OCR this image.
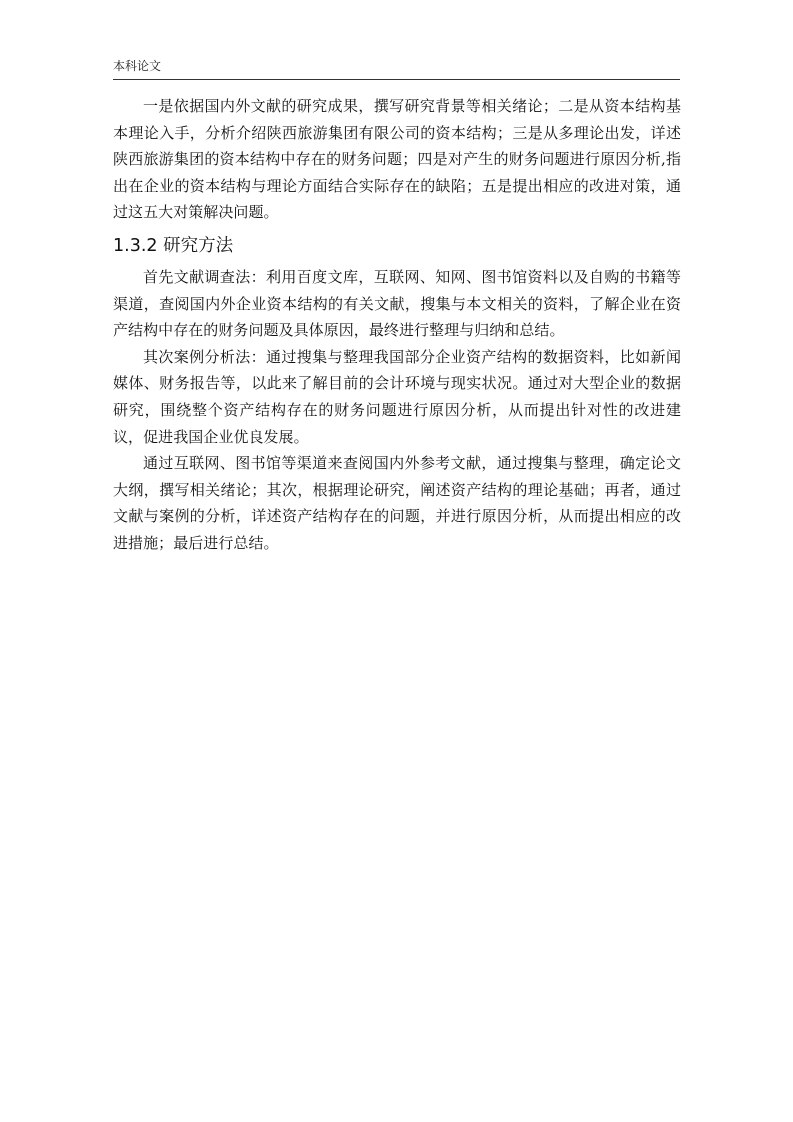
本科论文

一是依据国内外文献的研究成果，撰写研究背景等相关绪论；二是从资本结构基本理论入手，分析介绍陕西旅游集团有限公司的资本结构；三是从多理论出发，详述陕西旅游集团的资本结构中存在的财务问题；四是对产生的财务问题进行原因分析,指出在企业的资本结构与理论方面结合实际存在的缺陷；五是提出相应的改进对策，通过这五大对策解决问题。

1.3.2 研究方法

首先文献调查法：利用百度文库，互联网、知网、图书馆资料以及自购的书籍等渠道，查阅国内外企业资本结构的有关文献，搜集与本文相关的资料，了解企业在资产结构中存在的财务问题及具体原因，最终进行整理与归纳和总结。

其次案例分析法：通过搜集与整理我国部分企业资产结构的数据资料，比如新闻媒体、财务报告等，以此来了解目前的会计环境与现实状况。通过对大型企业的数据研究，围绕整个资产结构存在的财务问题进行原因分析，从而提出针对性的改进建议，促进我国企业优良发展。

通过互联网、图书馆等渠道来查阅国内外参考文献，通过搜集与整理，确定论文大纲，撰写相关绪论；其次，根据理论研究，阐述资产结构的理论基础；再者，通过文献与案例的分析，详述资产结构存在的问题，并进行原因分析，从而提出相应的改进措施；最后进行总结。
